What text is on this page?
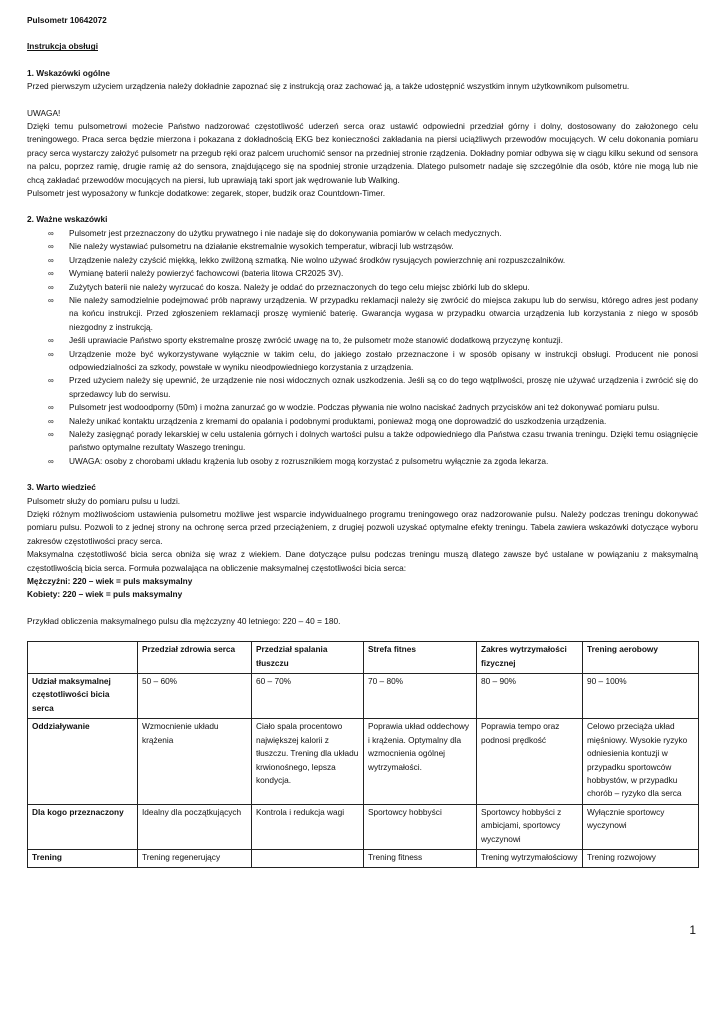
Pulsometr 10642072

Instrukcja obsługi

1. Wskazówki ogólne

Przed pierwszym użyciem urządzenia należy dokładnie zapoznać się z instrukcją oraz zachować ją, a także udostępnić wszystkim innym użytkownikom pulsometru.

UWAGA!

Dzięki temu pulsometrowi możecie Państwo nadzorować częstotliwość uderzeń serca oraz ustawić odpowiedni przedział górny i dolny, dostosowany do założonego celu treningowego. Praca serca będzie mierzona i pokazana z dokładnością EKG bez konieczności zakładania na piersi uciążliwych przewodów mocujących. W celu dokonania pomiaru pracy serca wystarczy założyć pulsometr na przegub ręki oraz palcem uruchomić sensor na przedniej stronie rządzenia. Dokładny pomiar odbywa się w ciągu kilku sekund od sensora na palcu, poprzez ramię, drugie ramię aż do sensora, znajdującego się na spodniej stronie urządzenia. Dlatego pulsometr nadaje się szczególnie dla osób, które nie mogą lub nie chcą zakładać przewodów mocujących na piersi, lub uprawiają taki sport jak wędrowanie lub Walking.

Pulsometr jest wyposażony w funkcje dodatkowe: zegarek, stoper, budzik oraz Countdown-Timer.

2. Ważne wskazówki
∞ Pulsometr jest przeznaczony do użytku prywatnego i nie nadaje się do dokonywania pomiarów w celach medycznych.
∞ Nie należy wystawiać pulsometru na działanie ekstremalnie wysokich temperatur, wibracji lub wstrząsów.
∞ Urządzenie należy czyścić miękką, lekko zwilżoną szmatką. Nie wolno używać środków rysujących powierzchnię ani rozpuszczalników.
∞ Wymianę baterii należy powierzyć fachowcowi (bateria litowa CR2025 3V).
∞ Zużytych baterii nie należy wyrzucać do kosza. Należy je oddać do przeznaczonych do tego celu miejsc zbiórki lub do sklepu.
∞ Nie należy samodzielnie podejmować prób naprawy urządzenia. W przypadku reklamacji należy się zwrócić do miejsca zakupu lub do serwisu, którego adres jest podany na końcu instrukcji. Przed zgłoszeniem reklamacji proszę wymienić baterię. Gwarancja wygasa w przypadku otwarcia urządzenia lub korzystania z niego w sposób niezgodny z instrukcją.
∞ Jeśli uprawiacie Państwo sporty ekstremalne proszę zwrócić uwagę na to, że pulsometr może stanowić dodatkową przyczynę kontuzji.
∞ Urządzenie może być wykorzystywane wyłącznie w takim celu, do jakiego zostało przeznaczone i w sposób opisany w instrukcji obsługi. Producent nie ponosi odpowiedzialności za szkody, powstałe w wyniku nieodpowiedniego korzystania z urządzenia.
∞ Przed użyciem należy się upewnić, że urządzenie nie nosi widocznych oznak uszkodzenia. Jeśli są co do tego wątpliwości, proszę nie używać urządzenia i zwrócić się do sprzedawcy lub do serwisu.
∞ Pulsometr jest wodoodporny (50m) i można zanurzać go w wodzie. Podczas pływania nie wolno naciskać żadnych przycisków ani też dokonywać pomiaru pulsu.
∞ Należy unikać kontaktu urządzenia z kremami do opalania i podobnymi produktami, ponieważ mogą one doprowadzić do uszkodzenia urządzenia.
∞ Należy zasięgnąć porady lekarskiej w celu ustalenia górnych i dolnych wartości pulsu a także odpowiedniego dla Państwa czasu trwania treningu. Dzięki temu osiągnięcie państwo optymalne rezultaty Waszego treningu.
∞ UWAGA: osoby z chorobami układu krążenia lub osoby z rozrusznikiem mogą korzystać z pulsometru wyłącznie za zgoda lekarza.
3. Warto wiedzieć

Pulsometr służy do pomiaru pulsu u ludzi.

Dzięki różnym możliwościom ustawienia pulsometru możliwe jest wsparcie indywidualnego programu treningowego oraz nadzorowanie pulsu. Należy podczas treningu dokonywać pomiaru pulsu. Pozwoli to z jednej strony na ochronę serca przed przeciążeniem, z drugiej pozwoli uzyskać optymalne efekty treningu. Tabela zawiera wskazówki dotyczące wyboru zakresów częstotliwości pracy serca.

Maksymalna częstotliwość bicia serca obniża się wraz z wiekiem. Dane dotyczące pulsu podczas treningu muszą dlatego zawsze być ustalane w powiązaniu z maksymalną częstotliwością bicia serca. Formuła pozwalająca na obliczenie maksymalnej częstotliwości bicia serca:

Mężczyźni: 220 – wiek = puls maksymalny

Kobiety: 220 – wiek = puls maksymalny

Przykład obliczenia maksymalnego pulsu dla mężczyzny 40 letniego: 220 – 40 = 180.

	Przedział zdrowia serca	Przedział spalania tłuszczu	Strefa fitnes	Zakres wytrzymałości fizycznej	Trening aerobowy
Udział maksymalnej częstotliwości bicia serca	50 – 60%	60 – 70%	70 – 80%	80 – 90%	90 – 100%
Oddziaływanie	Wzmocnienie układu krążenia	Ciało spala procentowo największej kalorii z tłuszczu. Trening dla układu krwionośnego, lepsza kondycja.	Poprawia układ oddechowy i krążenia. Optymalny dla wzmocnienia ogólnej wytrzymałości.	Poprawia tempo oraz podnosi prędkość	Celowo przeciąża układ mięśniowy. Wysokie ryzyko odniesienia kontuzji w przypadku sportowców hobbystów, w przypadku chorób – ryzyko dla serca
Dla kogo przeznaczony	Idealny dla początkujących	Kontrola i redukcja wagi	Sportowcy hobbyści	Sportowcy hobbyści z ambicjami, sportowcy wyczynowi	Wyłącznie sportowcy wyczynowi
Trening	Trening regenerujący		Trening fitness	Trening wytrzymałościowy	Trening rozwojowy
1
